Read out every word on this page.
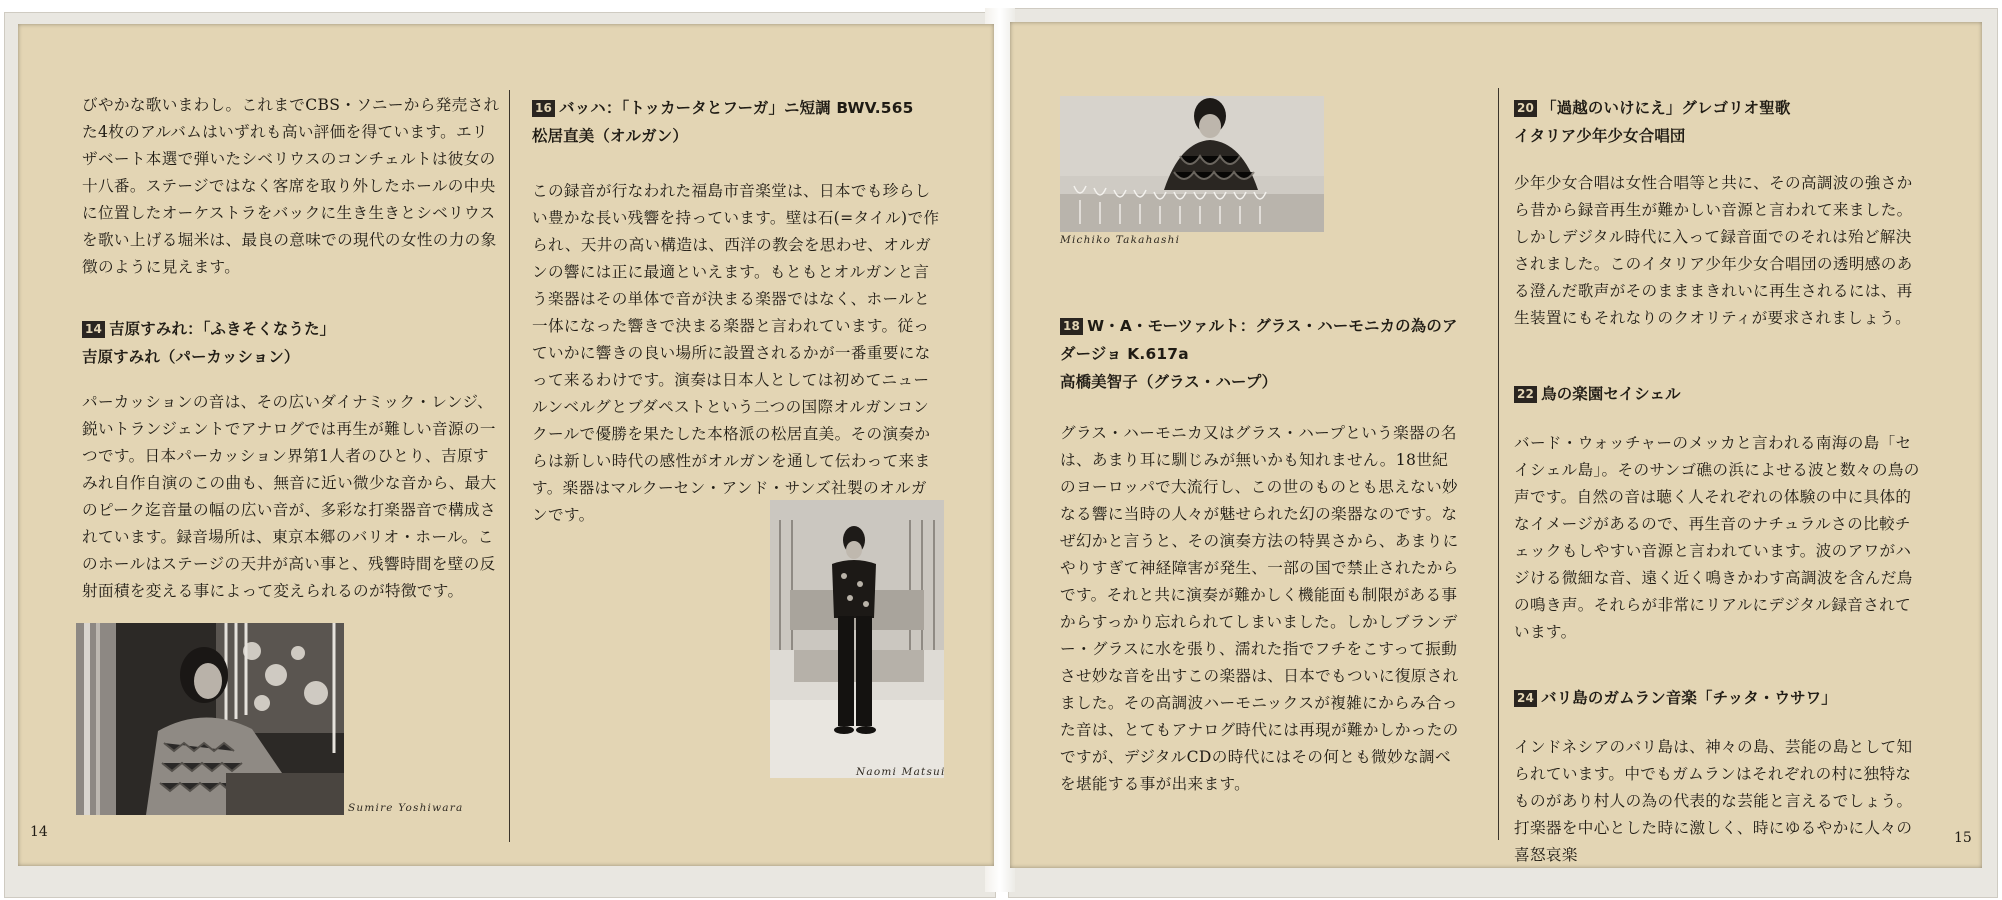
びやかな歌いまわし。これまでCBS・ソニーから発売された4枚のアルバムはいずれも高い評価を得ています。エリザベート本選で弾いたシベリウスのコンチェルトは彼女の十八番。ステージではなく客席を取り外したホールの中央に位置したオーケストラをバックに生き生きとシベリウスを歌い上げる堀米は、最良の意味での現代の女性の力の象徴のように見えます。

14 吉原すみれ：「ふきそくなうた」
吉原すみれ（パーカッション）

パーカッションの音は、その広いダイナミック・レンジ、鋭いトランジェントでアナログでは再生が難しい音源の一つです。日本パーカッション界第1人者のひとり、吉原すみれ自作自演のこの曲も、無音に近い微少な音から、最大のピーク迄音量の幅の広い音が、多彩な打楽器音で構成されています。録音場所は、東京本郷のバリオ・ホール。このホールはステージの天井が高い事と、残響時間を壁の反射面積を変える事によって変えられるのが特徴です。

16 バッハ：「トッカータとフーガ」ニ短調 BWV.565
松居直美（オルガン）

この録音が行なわれた福島市音楽堂は、日本でも珍らしい豊かな長い残響を持っています。壁は石(=タイル)で作られ、天井の高い構造は、西洋の教会を思わせ、オルガンの響には正に最適といえます。もともとオルガンと言う楽器はその単体で音が決まる楽器ではなく、ホールと一体になった響きで決まる楽器と言われています。従っていかに響きの良い場所に設置されるかが一番重要になって来るわけです。演奏は日本人としては初めてニュールンベルグとブダペストという二つの国際オルガンコンクールで優勝を果たした本格派の松居直美。その演奏からは新しい時代の感性がオルガンを通して伝わって来ます。楽器はマルクーセン・アンド・サンズ社製のオルガンです。

Sumire Yoshiwara
Naomi Matsui
14
Michiko Takahashi
18 W・A・モーツァルト：グラス・ハーモニカの為のアダージョ K.617a
高橋美智子（グラス・ハープ）

グラス・ハーモニカ又はグラス・ハープという楽器の名は、あまり耳に馴じみが無いかも知れません。18世紀のヨーロッパで大流行し、この世のものとも思えない妙なる響に当時の人々が魅せられた幻の楽器なのです。なぜ幻かと言うと、その演奏方法の特異さから、あまりにやりすぎて神経障害が発生、一部の国で禁止されたからです。それと共に演奏が難かしく機能面も制限がある事からすっかり忘れられてしまいました。しかしブランデー・グラスに水を張り、濡れた指でフチをこすって振動させ妙な音を出すこの楽器は、日本でもついに復原されました。その高調波ハーモニックスが複雑にからみ合った音は、とてもアナログ時代には再現が難かしかったのですが、デジタルCDの時代にはその何とも微妙な調べを堪能する事が出来ます。

20 「過越のいけにえ」グレゴリオ聖歌
イタリア少年少女合唱団

少年少女合唱は女性合唱等と共に、その高調波の強さから昔から録音再生が難かしい音源と言われて来ました。しかしデジタル時代に入って録音面でのそれは殆ど解決されました。このイタリア少年少女合唱団の透明感のある澄んだ歌声がそのまままきれいに再生されるには、再生装置にもそれなりのクオリティが要求されましょう。

22 鳥の楽園セイシェル

バード・ウォッチャーのメッカと言われる南海の島「セイシェル島」。そのサンゴ礁の浜によせる波と数々の鳥の声です。自然の音は聴く人それぞれの体験の中に具体的なイメージがあるので、再生音のナチュラルさの比較チェックもしやすい音源と言われています。波のアワがハジける微細な音、遠く近く鳴きかわす高調波を含んだ鳥の鳴き声。それらが非常にリアルにデジタル録音されています。

24 バリ島のガムラン音楽「チッタ・ウサワ」

インドネシアのバリ島は、神々の島、芸能の島として知られています。中でもガムランはそれぞれの村に独特なものがあり村人の為の代表的な芸能と言えるでしょう。打楽器を中心とした時に激しく、時にゆるやかに人々の喜怒哀楽

15
